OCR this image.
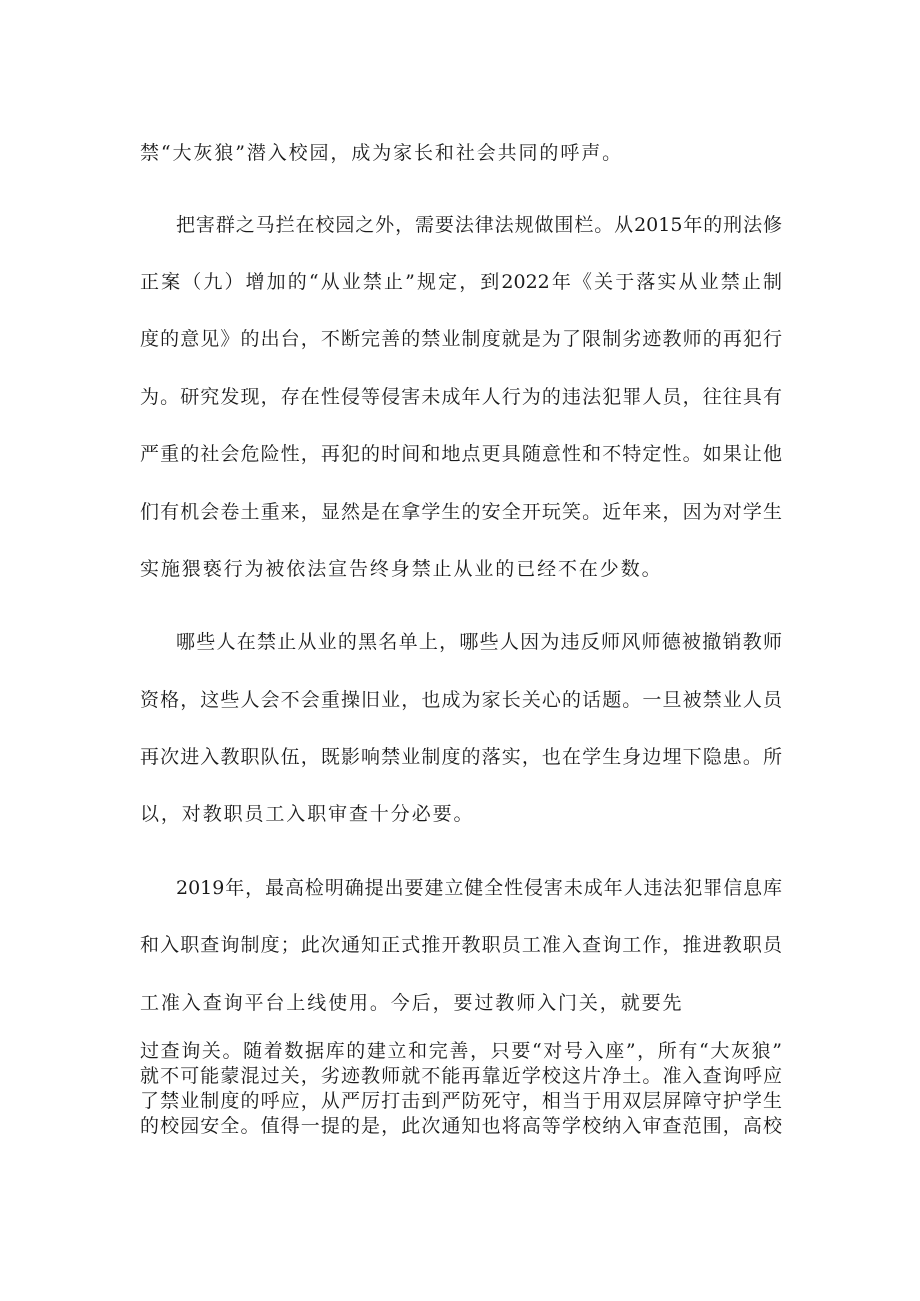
禁“大灰狼”潜入校园，成为家长和社会共同的呼声。
把害群之马拦在校园之外，需要法律法规做围栏。从2015年的刑法修
正案（九）增加的“从业禁止”规定，到2022年《关于落实从业禁止制
度的意见》的出台，不断完善的禁业制度就是为了限制劣迹教师的再犯行
为。研究发现，存在性侵等侵害未成年人行为的违法犯罪人员，往往具有
严重的社会危险性，再犯的时间和地点更具随意性和不特定性。如果让他
们有机会卷土重来，显然是在拿学生的安全开玩笑。近年来，因为对学生
实施猥亵行为被依法宣告终身禁止从业的已经不在少数。
哪些人在禁止从业的黑名单上，哪些人因为违反师风师德被撤销教师
资格，这些人会不会重操旧业，也成为家长关心的话题。一旦被禁业人员
再次进入教职队伍，既影响禁业制度的落实，也在学生身边埋下隐患。所
以，对教职员工入职审查十分必要。
2019年，最高检明确提出要建立健全性侵害未成年人违法犯罪信息库
和入职查询制度；此次通知正式推开教职员工准入查询工作，推进教职员
工准入查询平台上线使用。今后，要过教师入门关，就要先
过查询关。随着数据库的建立和完善，只要“对号入座”，所有“大灰狼”
就不可能蒙混过关，劣迹教师就不能再靠近学校这片净土。准入查询呼应
了禁业制度的呼应，从严厉打击到严防死守，相当于用双层屏障守护学生
的校园安全。值得一提的是，此次通知也将高等学校纳入审查范围，高校
